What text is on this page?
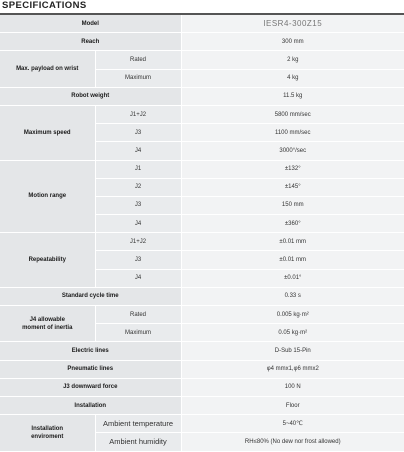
SPECIFICATIONS
Model		IESR4-300Z15
Reach		300 mm
Max. payload on wrist	Rated	2 kg
	Maximum	4 kg
Robot weight		11.5 kg
Maximum speed	J1+J2	5800 mm/sec
	J3	1100 mm/sec
	J4	3000°/sec
Motion range	J1	±132°
	J2	±145°
	J3	150 mm
	J4	±360°
Repeatability	J1+J2	±0.01 mm
	J3	±0.01 mm
	J4	±0.01°
Standard cycle time		0.33 s
J4 allowable
moment of inertia	Rated	0.005 kg·m²
	Maximum	0.05 kg·m²
Electric lines		D-Sub 15-Pin
Pneumatic lines		φ4 mmx1,φ6 mmx2
J3 downward force		100 N
Installation		Floor
Installation
enviroment	Ambient temperature	5~40℃
	Ambient humidity	RH≤80% (No dew nor frost allowed)
